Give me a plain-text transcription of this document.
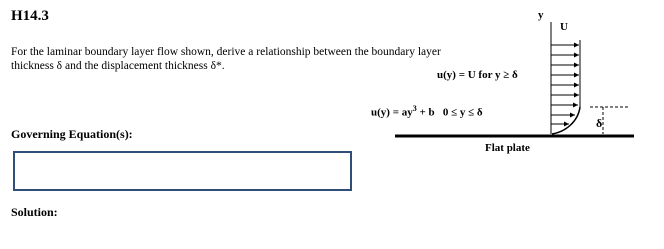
H14.3
For the laminar boundary layer flow shown, derive a relationship between the boundary layer thickness δ and the displacement thickness δ*.
Governing Equation(s):
Solution:
y
U
u(y) = U for y ≥ δ
$u(y) = ay^3 + b$   0 ≤ y ≤ δ
Flat plate
δ
